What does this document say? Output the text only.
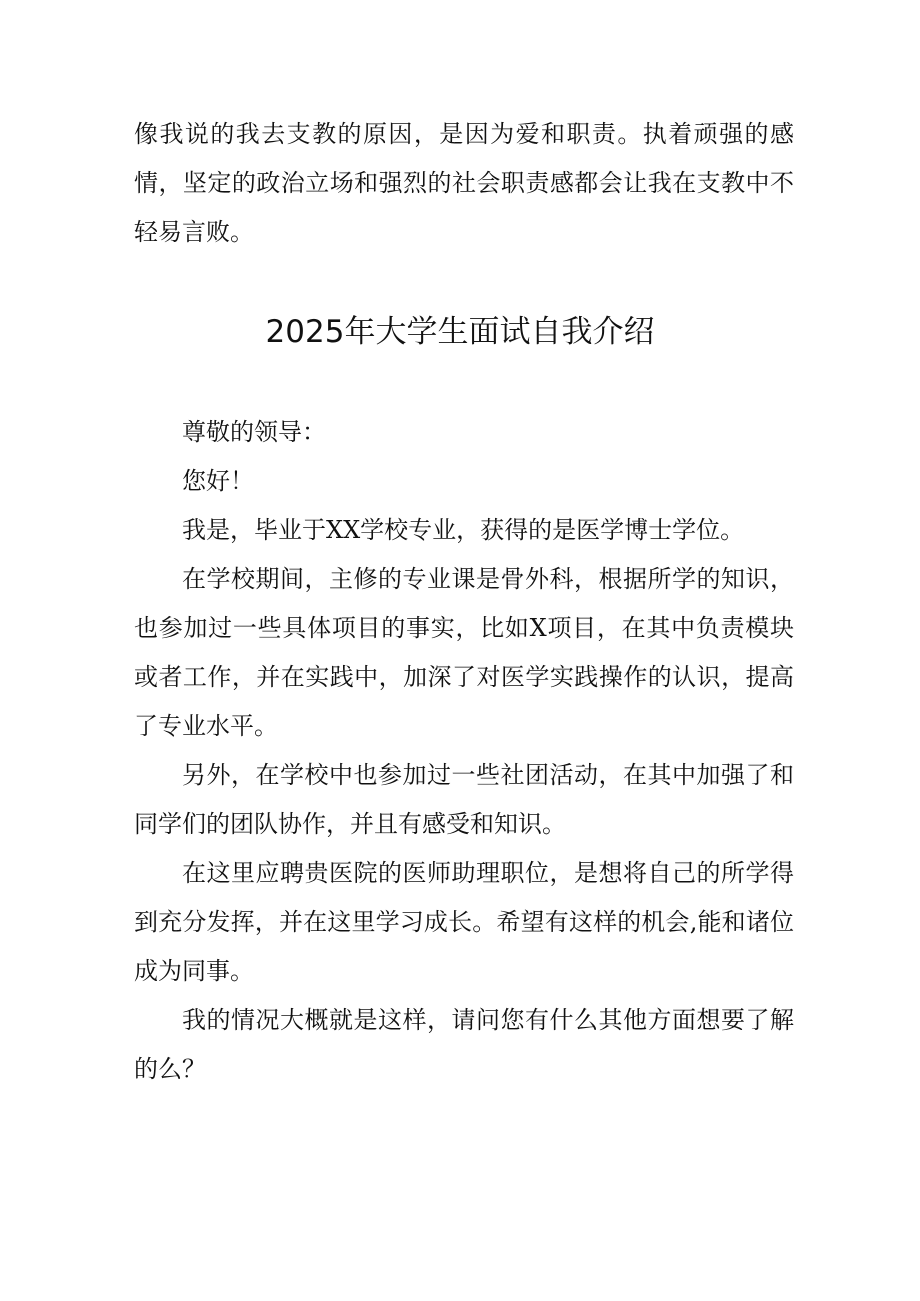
像我说的我去支教的原因，是因为爱和职责。执着顽强的感情，坚定的政治立场和强烈的社会职责感都会让我在支教中不轻易言败。

2025年大学生面试自我介绍

尊敬的领导：

您好！

我是，毕业于XX学校专业，获得的是医学博士学位。

在学校期间，主修的专业课是骨外科，根据所学的知识，也参加过一些具体项目的事实，比如X项目，在其中负责模块或者工作，并在实践中，加深了对医学实践操作的认识，提高了专业水平。

另外，在学校中也参加过一些社团活动，在其中加强了和同学们的团队协作，并且有感受和知识。

在这里应聘贵医院的医师助理职位，是想将自己的所学得到充分发挥，并在这里学习成长。希望有这样的机会,能和诸位成为同事。

我的情况大概就是这样，请问您有什么其他方面想要了解的么？
